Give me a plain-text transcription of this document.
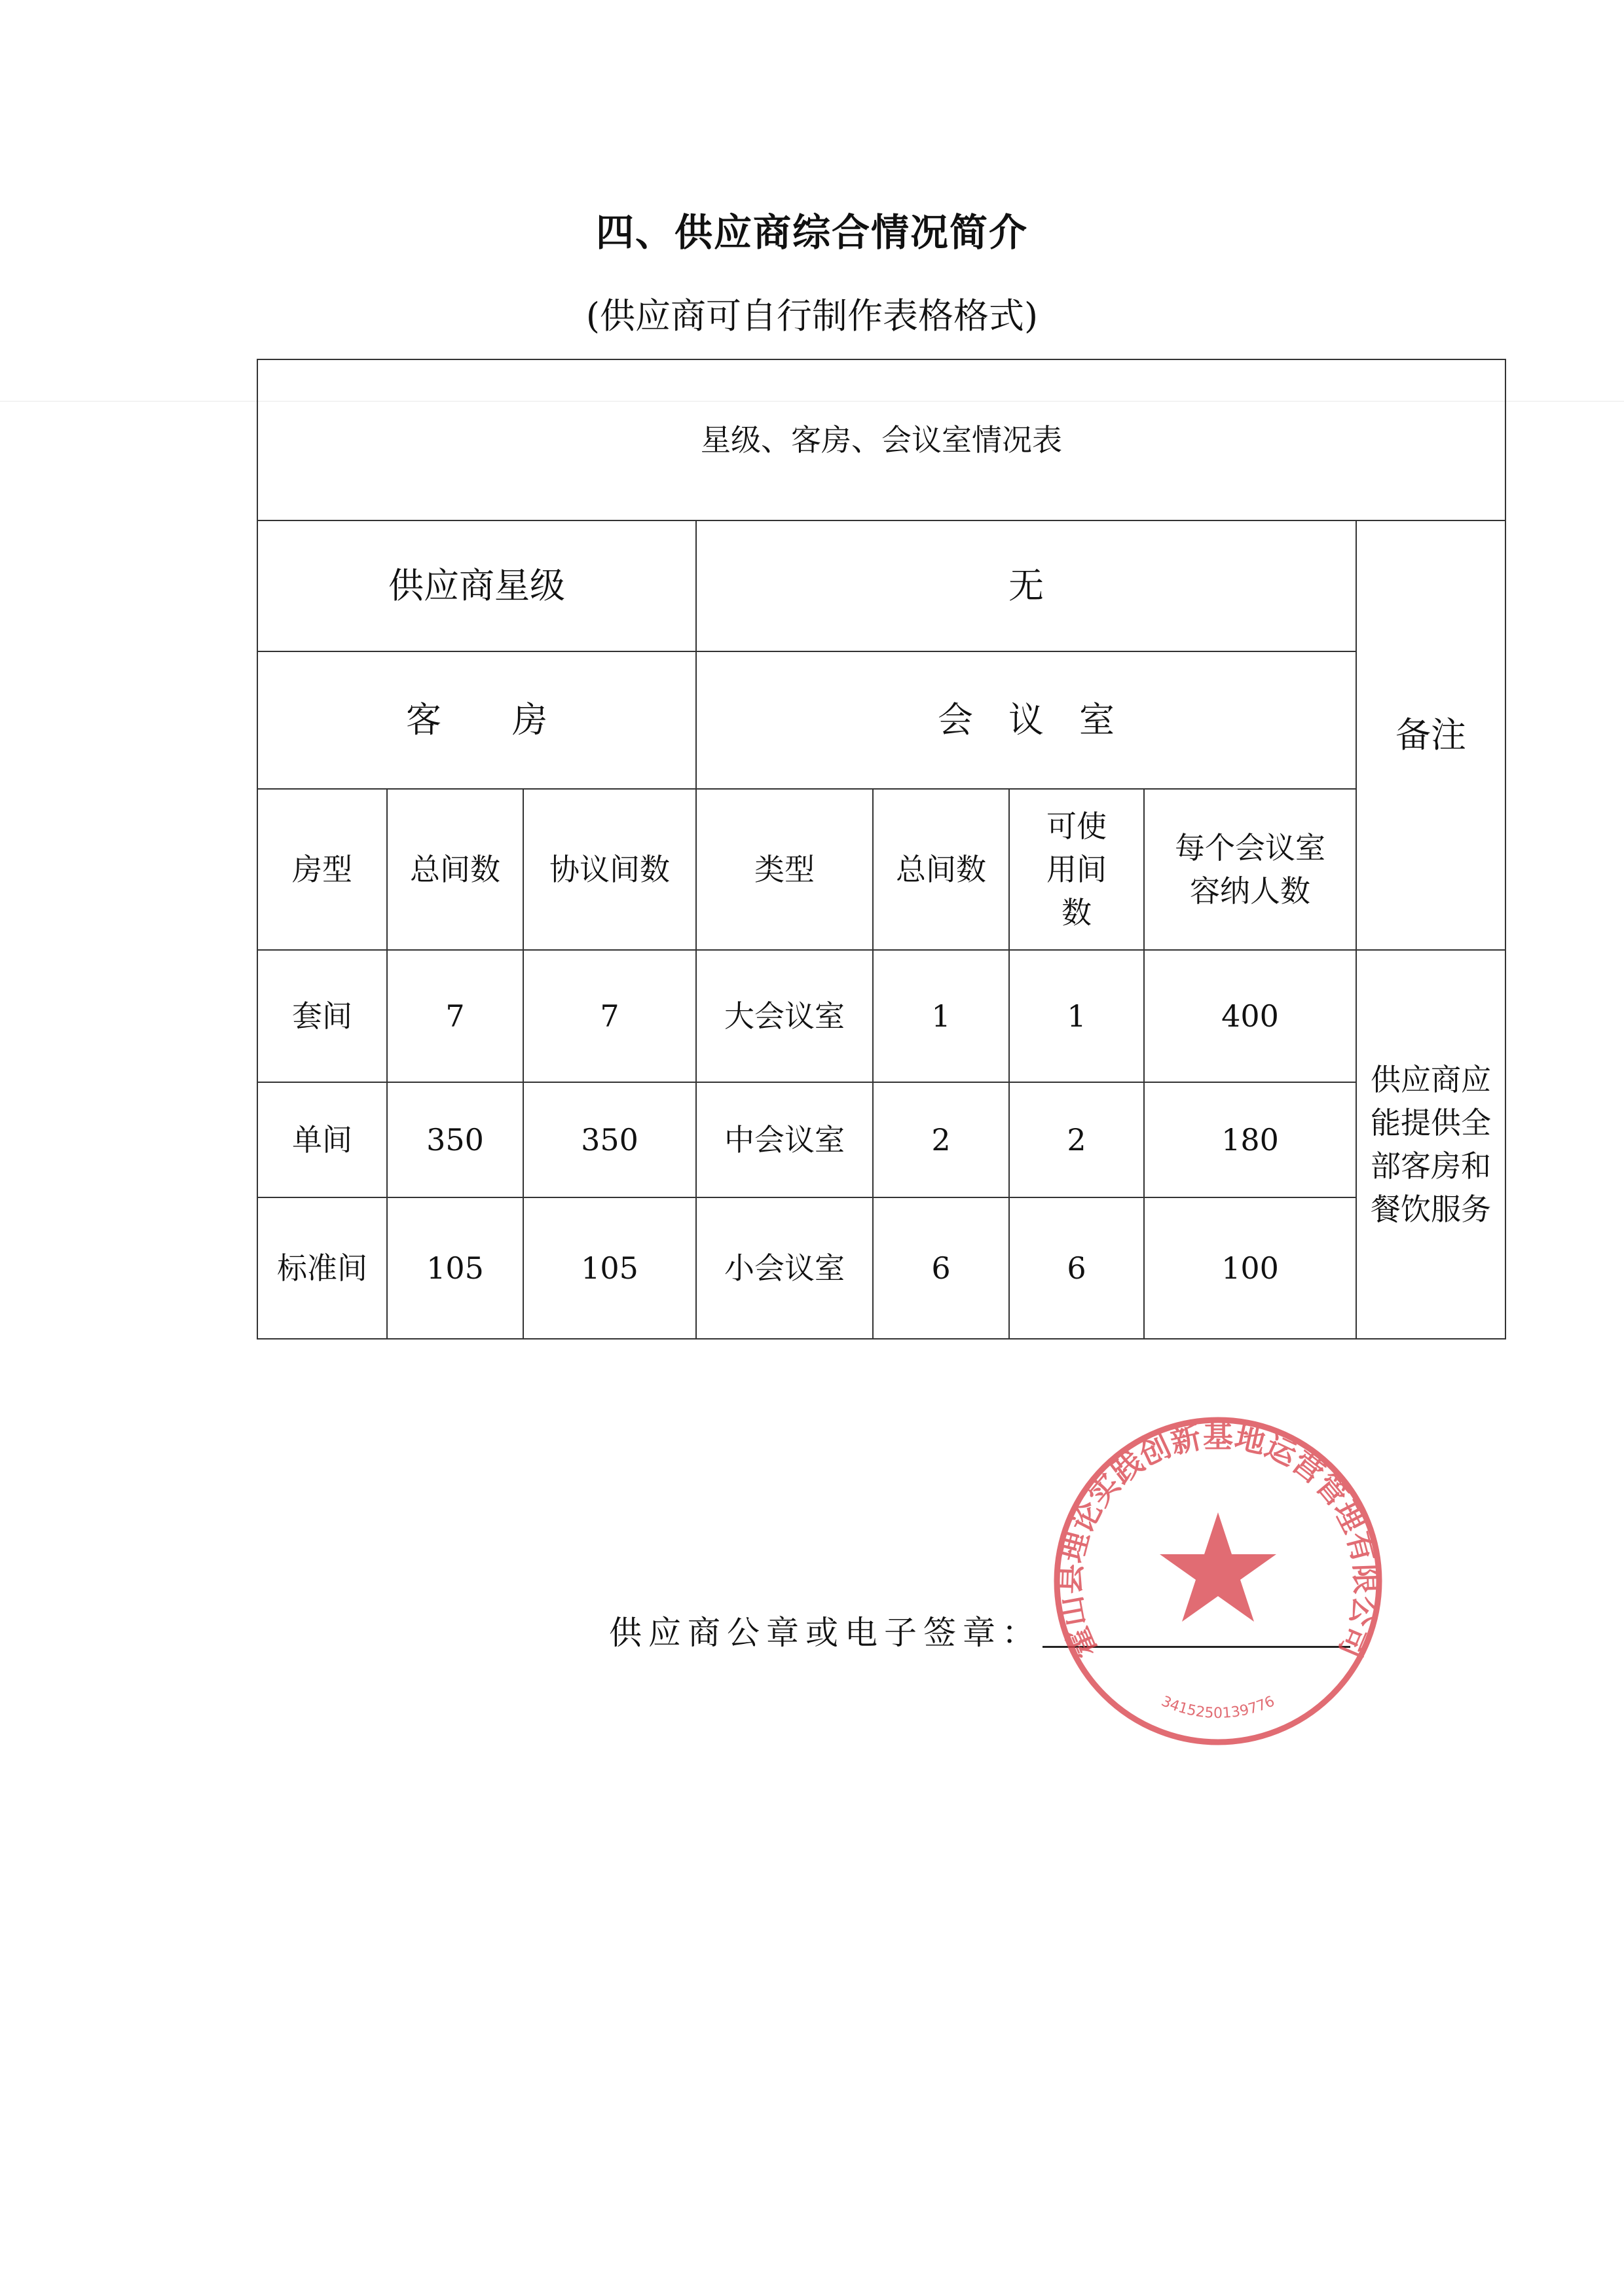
四、供应商综合情况简介
(供应商可自行制作表格格式)
星级、客房、会议室情况表							
供应商星级			无				备注
客　　房			会　议　室				
房型	总间数	协议间数	类型	总间数	可使用间数	每个会议室容纳人数	
套间	7	7	大会议室	1	1	400	供应商应 能提供全部客房和餐饮服务
单间	350	350	中会议室	2	2	180	
标准间	105	105	小会议室	6	6	100	
供应商公章或电子签章： 霍山县理论实践创新基地运营管理有限公司
3415250139776
